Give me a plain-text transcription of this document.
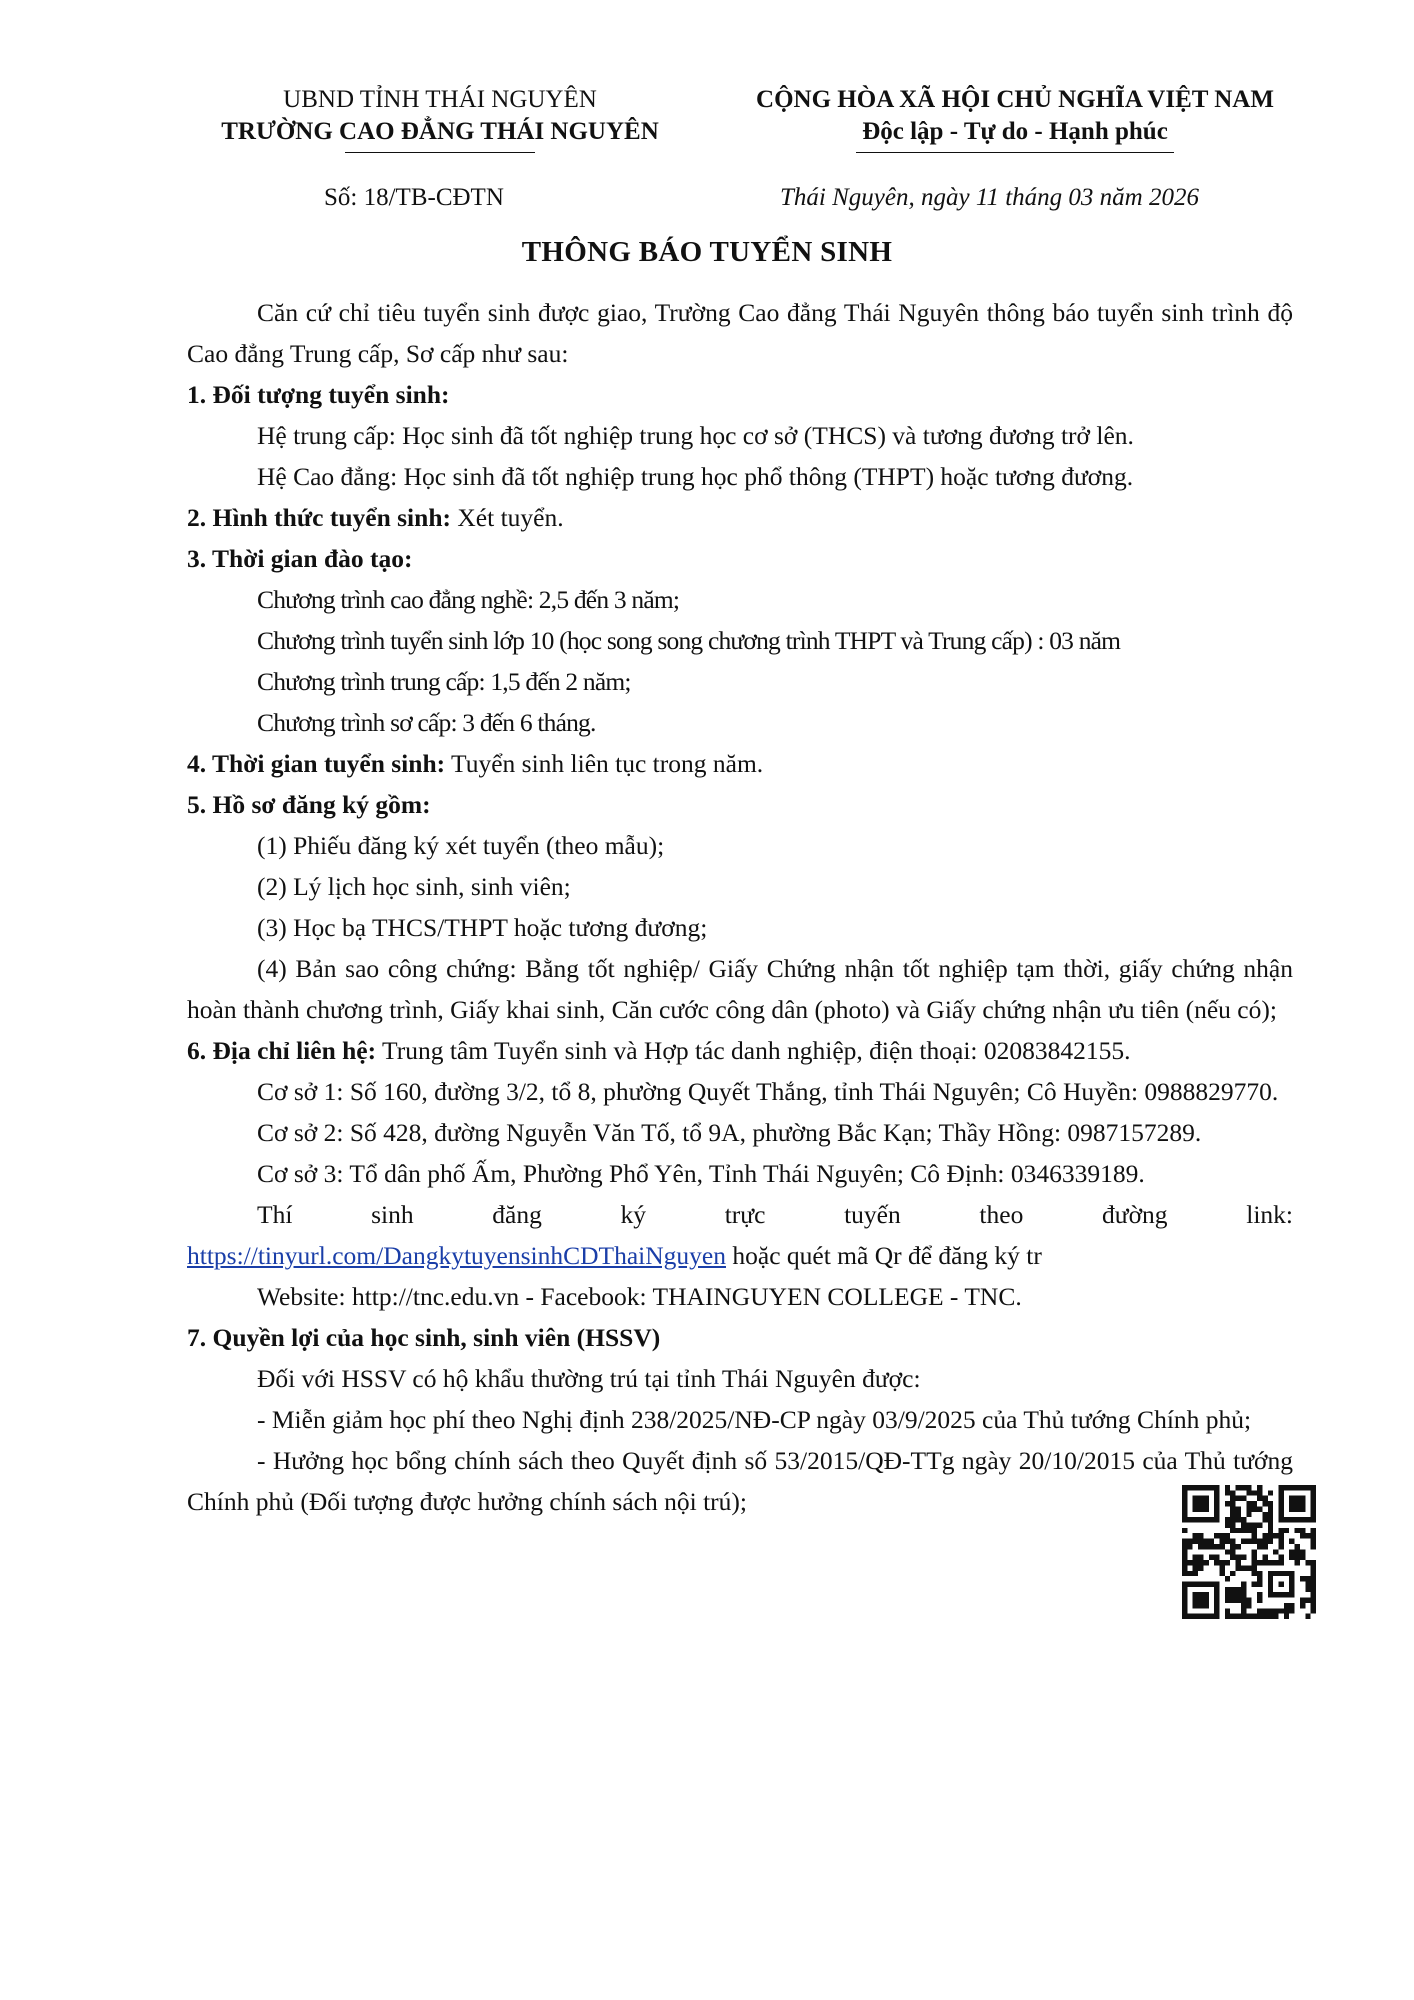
UBND TỈNH THÁI NGUYÊN
TRƯỜNG CAO ĐẲNG THÁI NGUYÊN
CỘNG HÒA XÃ HỘI CHỦ NGHĨA VIỆT NAM
Độc lập - Tự do - Hạnh phúc
Số: 18/TB-CĐTN	Thái Nguyên, ngày 11 tháng 03 năm 2026
THÔNG BÁO TUYỂN SINH

Căn cứ chỉ tiêu tuyển sinh được giao, Trường Cao đẳng Thái Nguyên thông báo tuyển sinh trình độ Cao đẳng Trung cấp, Sơ cấp như sau:

1. Đối tượng tuyển sinh:

Hệ trung cấp: Học sinh đã tốt nghiệp trung học cơ sở (THCS) và tương đương trở lên.

Hệ Cao đẳng: Học sinh đã tốt nghiệp trung học phổ thông (THPT) hoặc tương đương.

2. Hình thức tuyển sinh: Xét tuyển.

3. Thời gian đào tạo:

Chương trình cao đẳng nghề: 2,5 đến 3 năm;

Chương trình tuyển sinh lớp 10 (học song song chương trình THPT và Trung cấp) : 03 năm

Chương trình trung cấp: 1,5 đến 2 năm;

Chương trình sơ cấp: 3 đến 6 tháng.

4. Thời gian tuyển sinh: Tuyển sinh liên tục trong năm.

5. Hồ sơ đăng ký gồm:

(1) Phiếu đăng ký xét tuyển (theo mẫu);

(2) Lý lịch học sinh, sinh viên;

(3) Học bạ THCS/THPT hoặc tương đương;

(4) Bản sao công chứng: Bằng tốt nghiệp/ Giấy Chứng nhận tốt nghiệp tạm thời, giấy chứng nhận hoàn thành chương trình, Giấy khai sinh, Căn cước công dân (photo) và Giấy chứng nhận ưu tiên (nếu có);

6. Địa chỉ liên hệ: Trung tâm Tuyển sinh và Hợp tác danh nghiệp, điện thoại: 02083842155.

Cơ sở 1: Số 160, đường 3/2, tổ 8, phường Quyết Thắng, tỉnh Thái Nguyên; Cô Huyền: 0988829770.

Cơ sở 2: Số 428, đường Nguyễn Văn Tố, tổ 9A, phường Bắc Kạn; Thầy Hồng: 0987157289.

Cơ sở 3: Tổ dân phố Ấm, Phường Phổ Yên, Tỉnh Thái Nguyên; Cô Định: 0346339189.

Thí sinh đăng ký trực tuyến theo đường link:

https://tinyurl.com/DangkytuyensinhCDThaiNguyen hoặc quét mã Qr để đăng ký tr

Website: http://tnc.edu.vn - Facebook: THAINGUYEN COLLEGE - TNC.

7. Quyền lợi của học sinh, sinh viên (HSSV)

Đối với HSSV có hộ khẩu thường trú tại tỉnh Thái Nguyên được:

- Miễn giảm học phí theo Nghị định 238/2025/NĐ-CP ngày 03/9/2025 của Thủ tướng Chính phủ;

- Hưởng học bổng chính sách theo Quyết định số 53/2015/QĐ-TTg ngày 20/10/2015 của Thủ tướng Chính phủ (Đối tượng được hưởng chính sách nội trú);
